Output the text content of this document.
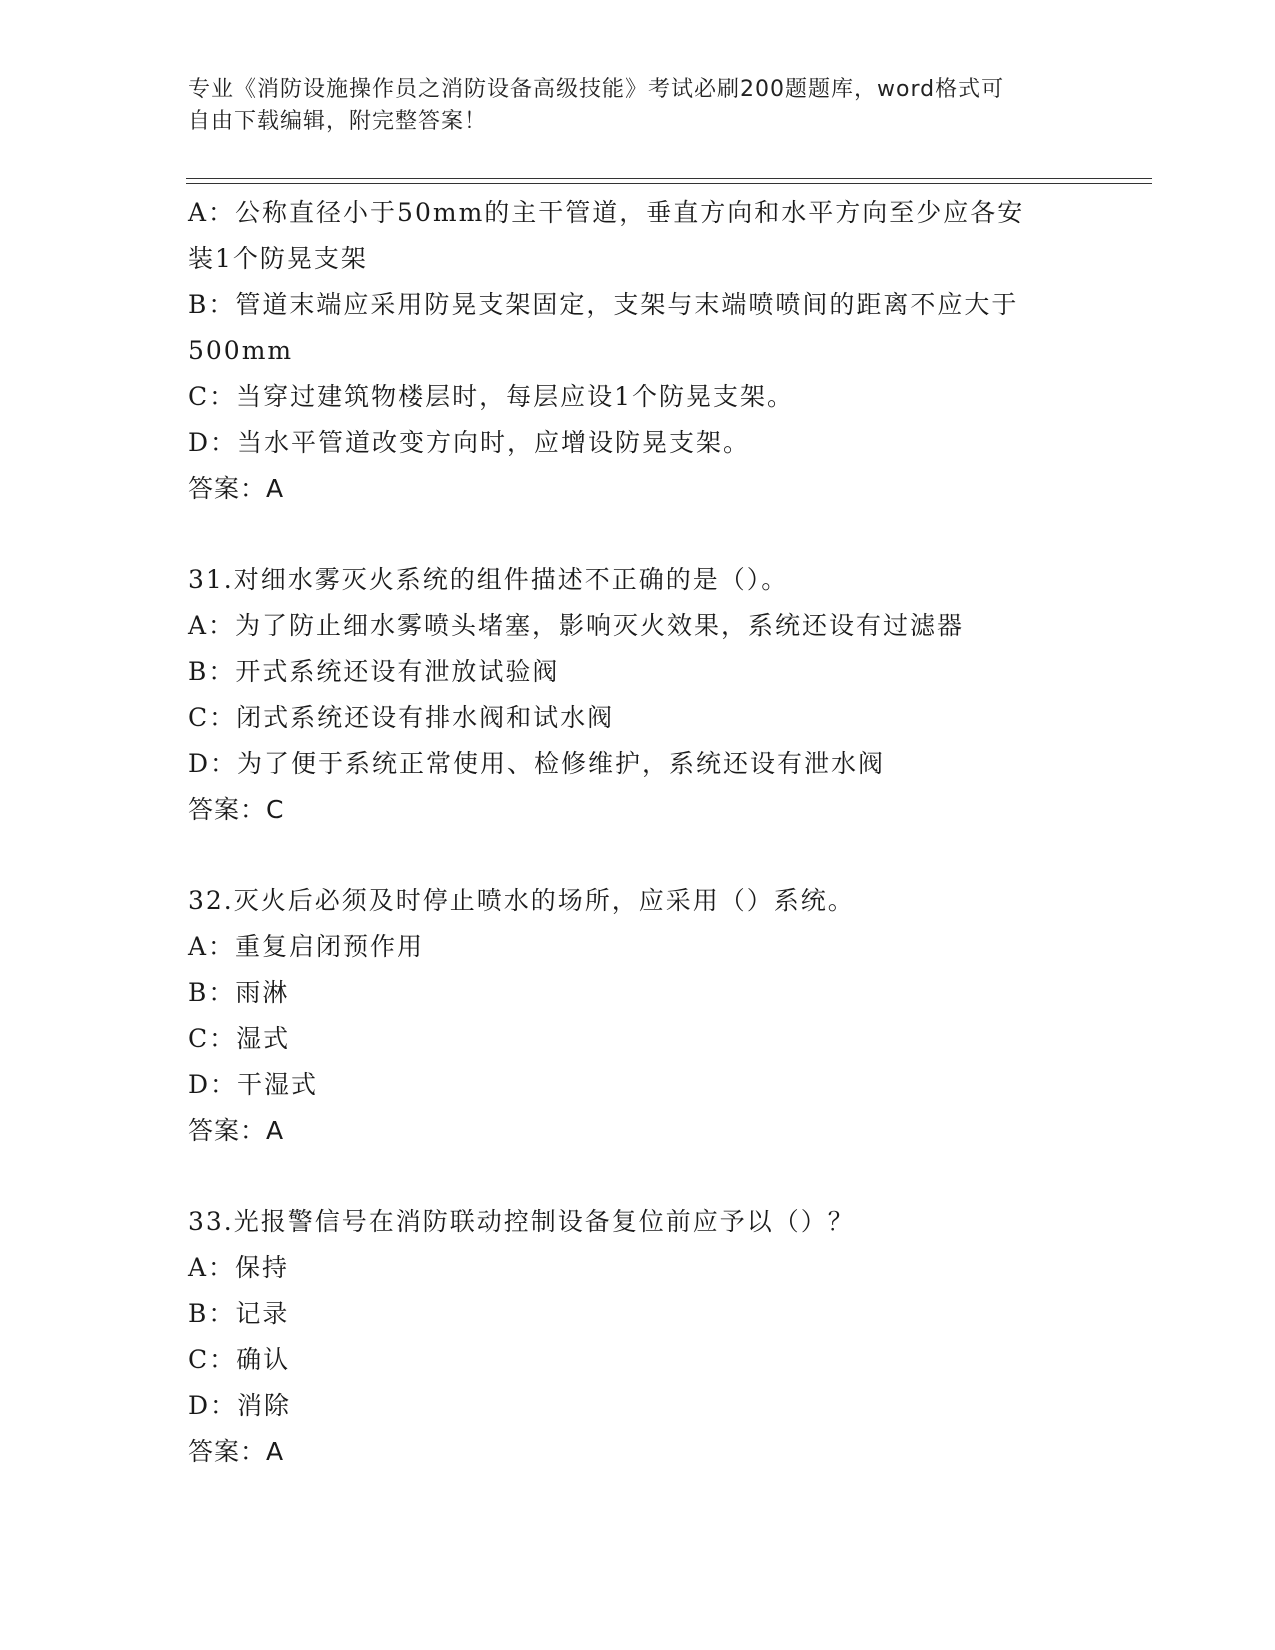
专业《消防设施操作员之消防设备高级技能》考试必刷200题题库，word格式可
自由下载编辑，附完整答案！
A：公称直径小于50mm的主干管道，垂直方向和水平方向至少应各安
装1个防晃支架
B：管道末端应采用防晃支架固定，支架与末端喷喷间的距离不应大于
500mm
C：当穿过建筑物楼层时，每层应设1个防晃支架。
D：当水平管道改变方向时，应增设防晃支架。
答案：A
31.对细水雾灭火系统的组件描述不正确的是（）。
A：为了防止细水雾喷头堵塞，影响灭火效果，系统还设有过滤器
B：开式系统还设有泄放试验阀
C：闭式系统还设有排水阀和试水阀
D：为了便于系统正常使用、检修维护，系统还设有泄水阀
答案：C
32.灭火后必须及时停止喷水的场所，应采用（）系统。
A：重复启闭预作用
B：雨淋
C：湿式
D：干湿式
答案：A
33.光报警信号在消防联动控制设备复位前应予以（）？
A：保持
B：记录
C：确认
D：消除
答案：A
